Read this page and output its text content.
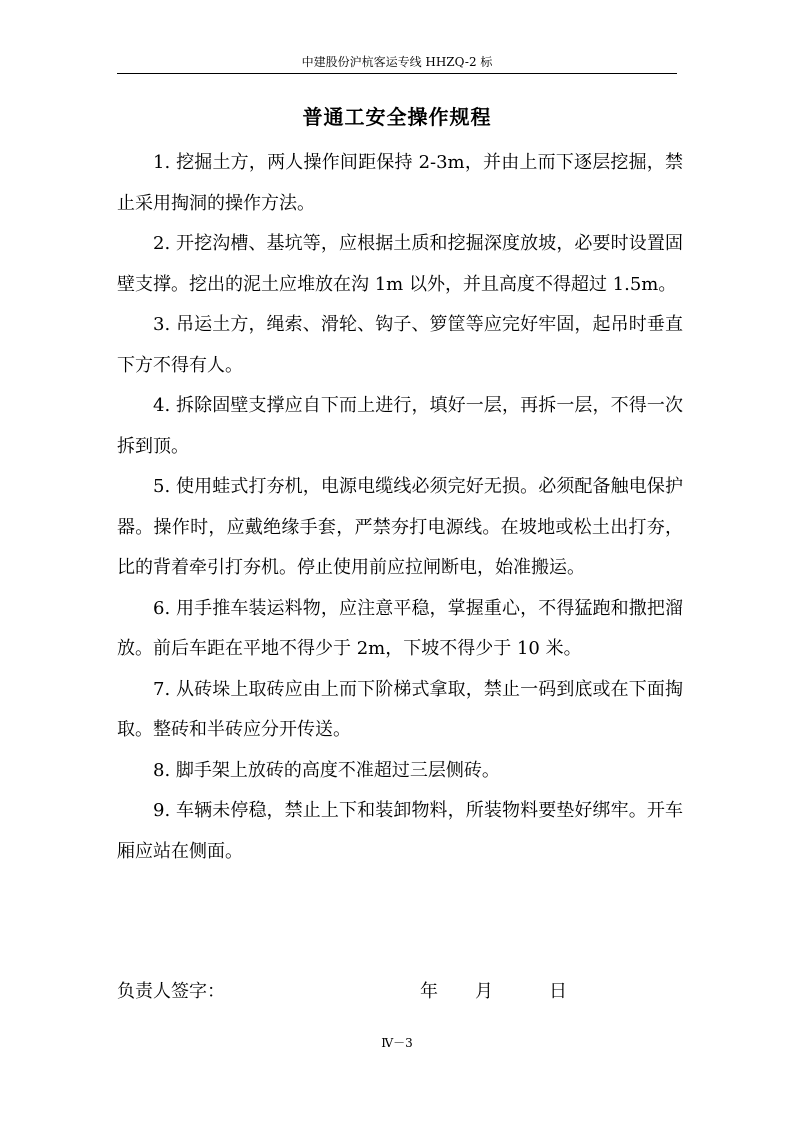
中建股份沪杭客运专线 HHZQ-2 标
普通工安全操作规程

1. 挖掘土方，两人操作间距保持 2-3m，并由上而下逐层挖掘，禁止采用掏洞的操作方法。

2. 开挖沟槽、基坑等，应根据土质和挖掘深度放坡，必要时设置固壁支撑。挖出的泥土应堆放在沟 1m 以外，并且高度不得超过 1.5m。

3. 吊运土方，绳索、滑轮、钩子、箩筐等应完好牢固，起吊时垂直下方不得有人。

4. 拆除固壁支撑应自下而上进行，填好一层，再拆一层，不得一次拆到顶。

5. 使用蛙式打夯机，电源电缆线必须完好无损。必须配备触电保护器。操作时，应戴绝缘手套，严禁夯打电源线。在坡地或松土出打夯，比的背着牵引打夯机。停止使用前应拉闸断电，始准搬运。

6. 用手推车装运料物，应注意平稳，掌握重心，不得猛跑和撒把溜放。前后车距在平地不得少于 2m，下坡不得少于 10 米。

7. 从砖垛上取砖应由上而下阶梯式拿取，禁止一码到底或在下面掏取。整砖和半砖应分开传送。

8. 脚手架上放砖的高度不准超过三层侧砖。

9. 车辆未停稳，禁止上下和装卸物料，所装物料要垫好绑牢。开车厢应站在侧面。

负责人签字：	年 月	日
Ⅳ－3
